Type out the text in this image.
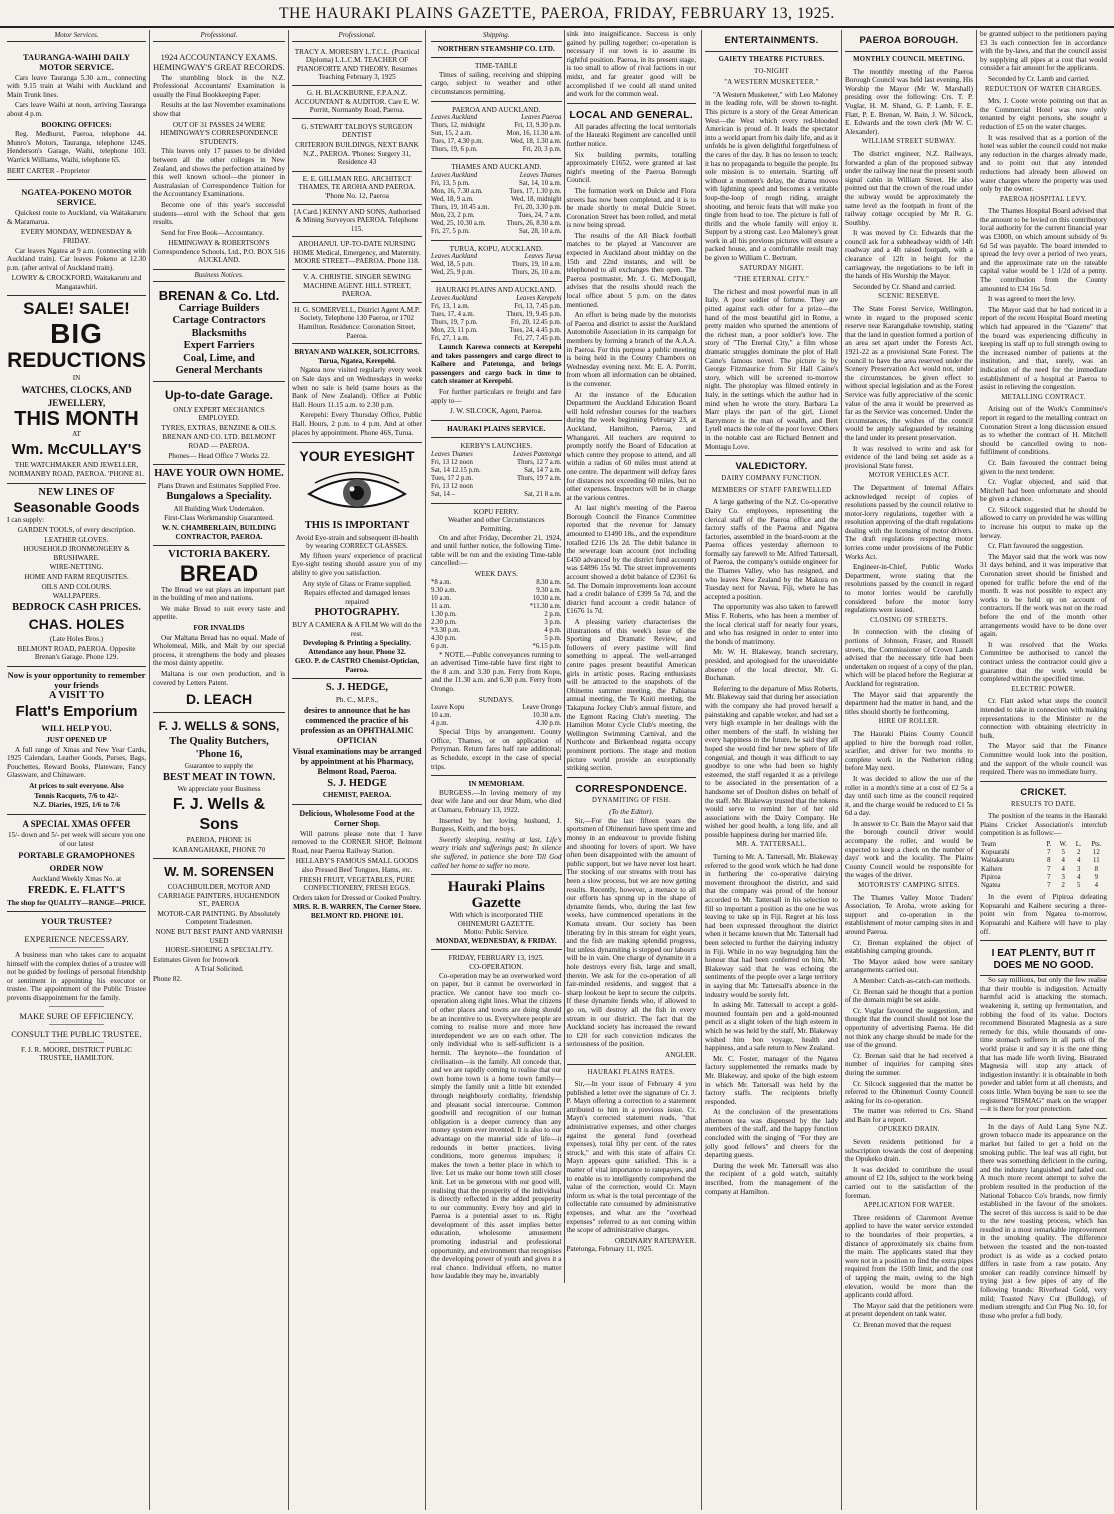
THE HAURAKI PLAINS GAZETTE, PAEROA, FRIDAY, FEBRUARY 13, 1925.
Motor Services.
TAURANGA-WAIHI DAILY MOTOR SERVICE.

Cars leave Tauranga 5.30 a.m., connecting with 9.15 train at Waihi with Auckland and Main Trunk lines.

Cars leave Waihi at noon, arriving Tauranga about 4 p.m.

BOOKING OFFICES:

Reg. Medhurst, Paeroa, telephone 44. Munro's Motors, Tauranga, telephone 124S. Henderson's Garage, Waihi, telephone 103. Warrick Williams, Waihi, telephone 65.

BERT CARTER - Proprietor
NGATEA-POKENO MOTOR SERVICE.

Quickest route to Auckland, via Waitakaruru & Maramarua.

EVERY MONDAY, WEDNESDAY & FRIDAY.

Car leaves Ngatea at 9 a.m. (connecting with Auckland train). Car leaves Pokeno at 12.30 p.m. (after arrival of Auckland train).

LOWRY & CROCKFORD, Waitakaruru and Mangatawhiri.
SALE! SALE!
BIG
REDUCTIONS
IN
WATCHES, CLOCKS, AND JEWELLERY,
THIS MONTH
AT
Wm. McCULLAY'S
THE WATCHMAKER AND JEWELLER,
NORMANBY ROAD, PAEROA. 'PHONE 81.
NEW LINES OF
Seasonable Goods
I can supply:
GARDEN TOOLS, of every description.
LEATHER GLOVES.
HOUSEHOLD IRONMONGERY & BRUSHWARE.
WIRE-NETTING.
HOME AND FARM REQUISITES.
OILS AND COLOURS.
WALLPAPERS.
BEDROCK CASH PRICES.
CHAS. HOLES
(Late Holes Bros.)
BELMONT ROAD, PAEROA. Opposite Brenan's Garage. Phone 129.
Now is your opportunity to remember your friends
A VISIT TO
Flatt's Emporium
WILL HELP YOU.
JUST OPENED UP

A full range of Xmas and New Year Cards, 1925 Calendars, Leather Goods, Purses, Bags, Pouchettes, Reward Books, Plateware, Fancy Glassware, and Chinaware.

At prices to suit everyone. Also
Tennis Racquets, 7/6 to 42/-
N.Z. Diaries, 1925, 1/6 to 7/6
A SPECIAL XMAS OFFER
15/- down and 5/- per week will secure you one of our latest
PORTABLE GRAMOPHONES
ORDER NOW
Auckland Weekly Xmas No. at
FREDK. E. FLATT'S
The shop for QUALITY—RANGE—PRICE.
YOUR TRUSTEE?
EXPERIENCE NECESSARY.

A business man who takes care to acquaint himself with the complex duties of a trustee will not be guided by feelings of personal friendship or sentiment in appointing his executor or trustee. The appointment of the Public Trustee prevents disappointment for the family.

MAKE SURE OF EFFICIENCY.
CONSULT THE PUBLIC TRUSTEE.
F. J. R. MOORE, DISTRICT PUBLIC TRUSTEE, HAMILTON.
Professional.
1924 ACCOUNTANCY EXAMS. HEMINGWAY'S GREAT RECORDS.

The stumbling block in the N.Z. Professional Accountants' Examination is usually the Final Bookkeeping Paper.

Results at the last November examinations show that

OUT OF 31 PASSES 24 WERE HEMINGWAY'S CORRESPONDENCE STUDENTS.

This leaves only 17 passes to be divided between all the other colleges in New Zealand, and shows the perfection attained by this well known school—the pioneer in Australasian of Correspondence Tuition for the Accountancy Examinations.

Become one of this year's successful students—enrol with the School that gets results.

Send for Free Book—Accountancy.

HEMINGWAY & ROBERTSON'S Correspondence Schools, Ltd., P.O. BOX 516 AUCKLAND.
Business Notices.
BRENAN & Co. Ltd.
Carriage Builders
Cartage Contractors
Blacksmiths
Expert Farriers
Coal, Lime, and
General Merchants
Up-to-date Garage.
ONLY EXPERT MECHANICS EMPLOYED.
TYRES, EXTRAS, BENZINE & OILS.
BRENAN AND CO. LTD. BELMONT ROAD — PAEROA.
Phones— Head Office 7 Works 22.
HAVE YOUR OWN HOME.
Plans Drawn and Estimates Supplied Free.
Bungalows a Speciality.
All Building Work Undertaken.
First-Class Workmanship Guaranteed.
W. N. CHAMBERLAIN, BUILDING CONTRACTOR, PAEROA.
VICTORIA BAKERY.
BREAD

The Bread we eat plays an important part in the building of men and nations.

We make Bread to suit every taste and appetite.

FOR INVALIDS

Our Maltana Bread has no equal. Made of Wholemeal, Milk, and Malt by our special process, it strengthens the body and pleases the most dainty appetite.

Maltana is our own production, and is covered by Letters Patent.

D. LEACH
F. J. WELLS & SONS,
The Quality Butchers,
'Phone 16,
Guarantee to supply the
BEST MEAT IN TOWN.
We appreciate your Business
F. J. Wells & Sons
PAEROA, PHONE 16
KARANGAHAKE, PHONE 70
W. M. SORENSEN
COACHBUILDER, MOTOR AND CARRIAGE PAINTERS, HUGHENDON ST., PAEROA
MOTOR-CAR PAINTING. By Absolutely Competent Tradesmen.
NONE BUT BEST PAINT AND VARNISH USED
HORSE-SHOEING A SPECIALITY.
Estimates Given for Ironwork
A Trial Solicited.
Phone 82.
Professional.
TRACY A. MORESBY L.T.C.L. (Practical Diploma) L.L.C.M. TEACHER OF PIANOFORTE AND THEORY. Resumes Teaching February 3, 1925
G. H. BLACKBURNE, F.P.A.N.Z. ACCOUNTANT & AUDITOR. Care E. W. Porritt, Normanby Road, Paeroa.
G. STEWART TALBOYS SURGEON DENTIST
CRITERION BUILDINGS, NEXT BANK N.Z., PAEROA. 'Phones: Surgery 31, Residence 43
E. E. GILLMAN REG. ARCHITECT THAMES, TE AROHA AND PAEROA. 'Phone No. 12, Paeroa
[A Card.] KENNY AND SONS, Authorised & Mining Surveyors PAEROA. Telephone 115.
AROHANUI. UP-TO-DATE NURSING HOME Medical, Emergency, and Maternity. MOORE STREET—PAEROA. Phone 118.
V. A. CHRISTIE. SINGER SEWING MACHINE AGENT. HILL STREET, PAEROA.
H. G. SOMERVELL, District Agent A.M.P. Society, Telephone 130 Paeroa, or 1702 Hamilton. Residence: Coronation Street, Paeroa.
BRYAN AND WALKER, SOLICITORS. Turua, Ngatea, Kerepehi.

Ngatea now visited regularly every week on Sale days and on Wednesdays in weeks when no sale is held (same hours as the Bank of New Zealand). Office at Public Hall. Hours 11.15 a.m. to 2.30 p.m.

Kerepehi: Every Thursday Office, Public Hall. Hours, 2 p.m. to 4 p.m. And at other places by appointment. Phone 46S, Turua.

YOUR EYESIGHT
THIS IS IMPORTANT
Avoid Eye-strain and subsequent ill-health by wearing CORRECT GLASSES.

My fifteen years' experience of practical Eye-sight testing should assure you of my ability to give you satisfaction.

Any style of Glass or Frame supplied.
Repairs effected and damaged lenses repaired
PHOTOGRAPHY.
BUY A CAMERA & A FILM We will do the rest.
Developing & Printing a Speciality. Attendance any hour. Phone 32.
GEO. P. de CASTRO Chemist-Optician, Paeroa.
S. J. HEDGE,
Ph. C., M.P.S.,
desires to announce that he has commenced the practice of his profession as an OPHTHALMIC OPTICIAN
Visual examinations may be arranged by appointment at his Pharmacy, Belmont Road, Paeroa.
S. J. HEDGE
CHEMIST, PAEROA.
Delicious, Wholesome Food at the Corner Shop.

Will patrons please note that I have removed to the CORNER SHOP, Belmont Road, near Paeroa Railway Station.

HELLABY'S FAMOUS SMALL GOODS also Pressed Beef Tongues, Hams, etc.
FRESH FRUIT, VEGETABLES, PURE CONFECTIONERY, FRESH EGGS.
Orders taken for Dressed or Cooked Poultry.
MRS. R. B. WARREN, The Corner Store. BELMONT RD. PHONE 101.
Shipping.
NORTHERN STEAMSHIP CO. LTD.
TIME-TABLE

Times of sailing, receiving and shipping cargo, subject to weather and other circumstances permitting.

PAEROA AND AUCKLAND.
Leaves Auckland	Leaves Paeroa
Thurs, 12, midnight	Fri, 13, 9.30 p.m.
Sun, 15, 2 a.m.	Mon, 16, 11.30 a.m.
Tues, 17, 4.30 p.m.	Wed, 18, 1.30 a.m.
Thurs, 19, 6 p.m.	Fri, 20, 3 p.m.
THAMES AND AUCKLAND.
Leaves Auckland	Leaves Thames
Fri, 13, 5 p.m.	Sat, 14, 10 a.m.
Mon, 16, 7.30 a.m.	Tues, 17, 1.30 p.m.
Wed, 18, 9 a.m.	Wed, 18, midnight
Thurs, 19, 10.45 a.m.	Fri, 20, 3.30 p.m.
Mon, 23, 2 p.m.	Tues, 24, 7 a.m.
Wed, 25, 10.30 a.m.	Thurs, 26, 8.30 a.m.
Fri, 27, 5 p.m.	Sat, 28, 10 a.m.
TURUA, KOPU, AUCKLAND.
Leaves Auckland	Leaves Turua
Wed, 18, 5 p.m.	Thurs, 19, 10 a.m.
Wed, 25, 9 p.m.	Thurs, 26, 10 a.m.
HAURAKI PLAINS AND AUCKLAND.
Leaves Auckland	Leaves Kerepehi
Fri, 13, 1 a.m.	Fri, 13, 7.45 p.m.
Tues, 17, 4 a.m.	Thurs, 19, 9.45 p.m.
Thurs, 19, 7 p.m.	Fri, 20, 12.45 p.m.
Mon, 23, 11 p.m.	Tues, 24, 4.45 p.m.
Fri, 27, 1 a.m.	Fri, 27, 7.45 p.m.

Launch Karewa connects at Kerepehi and takes passengers and cargo direct to Kaihere and Patetonga, and brings passengers and cargo back in time to catch steamer at Kerepehi.

For further particulars re freight and fare apply to—

J. W. SILCOCK, Agent, Paeroa.
HAURAKI PLAINS SERVICE.
KERBY'S LAUNCHES.
Leaves Thames	Leaves Patetonga
Fri, 13 12 noon	Thurs, 12 7 a.m.
Sat, 14 12.15 p.m.	Sat, 14 7 a.m.
Tues, 17 2 p.m.	Thurs, 19 7 a.m.
Fri, 13 12 noon	
Sat, 14 –	Sat, 21 8 a.m.
KOPU FERRY.
Weather and other Circumstances Permitting.

On and after Friday, December 21, 1924, and until further notice, the following Time-table will be run and the existing Time-table cancelled:—

WEEK DAYS.
*8 a.m.	8.30 a.m.
9.30 a.m.	9.30 a.m.
10 a.m.	10.30 a.m.
11 a.m.	*11.30 a.m.
1.30 p.m.	2 p.m.
2.30 p.m.	3 p.m.
*3.30 p.m.	4 p.m.
4.30 p.m.	5 p.m.
6 p.m.	*6.15 p.m.

* NOTE.—Public conveyances running to an advertised Time-table have first right to the 8 a.m. and 3.30 p.m. Ferry from Kopu, and the 11.30 a.m. and 6.30 p.m. Ferry from Orongo.

SUNDAYS.
Leave Kopu	Leave Orongo
10 a.m.	10.30 a.m.
4 p.m.	4.30 p.m.

Special Trips by arrangement. County Office, Thames, or on application of Perryman. Return fares half rate additional; as Schedule, except in the case of special trips.

IN MEMORIAM.

BURGESS.—In loving memory of my dear wife Jane and our dear Mum, who died at Oamaru, February 13, 1922.

Inserted by her loving husband, J. Burgess, Keith, and the boys.

Sweetly sleeping, resting at last, Life's weary trials and sufferings past; In silence she suffered, in patience she bore Till God called her home to suffer no more.

Hauraki Plains Gazette
With which is incorporated THE OHINEMURI GAZETTE.
Motto: Public Service.
MONDAY, WEDNESDAY, & FRIDAY.
FRIDAY, FEBRUARY 13, 1925.
CO-OPERATION.

Co-operation may be an overworked word on paper, but it cannot be overworked in practice. We cannot have too much co-operation along right lines. What the citizens of other places and towns are doing should be an incentive to us. Everywhere people are coming to realise more and more how interdependent we are on each other. The only individual who is self-sufficient is a hermit. The keynote—the foundation of civilisation—is the family. All concede that, and we are rapidly coming to realise that our own home town is a home town family—simply the family unit a little bit extended through neighbourly cordiality, friendship and pleasant social intercourse. Common goodwill and recognition of our human obligation is a deeper currency than any money system ever invented. It is also to our advantage on the material side of life—it redounds in better practices, living conditions, more generous impulses; it makes the town a better place in which to live. Let us make our home town still closer knit. Let us be generous with our good will, realising that the prosperity of the individual is directly reflected in the added prosperity to our community. Every boy and girl in Paeroa is a potential asset to us. Right development of this asset implies better education, wholesome amusement promoting industrial and professional opportunity, and environment that recognises the developing power of youth and gives it a real chance. Individual efforts, no matter how laudable they may be, invariably

sink into insignificance. Success is only gained by pulling together; co-operation is necessary if our town is to assume its rightful position. Paeroa, in its present stage, is too small to allow of rival factions in our midst, and far greater good will be accomplished if we could all stand united and work for the common weal.

LOCAL AND GENERAL.

All parades affecting the local territorials of the Hauraki Regiment are cancelled until further notice.

Six building permits, totalling approximately £1652, were granted at last night's meeting of the Paeroa Borough Council.

The formation work on Dulcie and Flora streets has now been completed, and it is to be made shortly to metal Dulcie Street. Coronation Street has been rolled, and metal is now being spread.

The results of the All Black football matches to be played at Vancouver are expected in Auckland about midday on the 15th and 22nd instants, and will be telephoned to all exchanges then open. The Paeroa postmaster, Mr. J. G. McDougall, advises that the results should reach the local office about 5 p.m. on the dates mentioned.

An effort is being made by the motorists of Paeroa and district to assist the Auckland Automobile Association in its campaign for members by forming a branch of the A.A.A. in Paeroa. For this purpose a public meeting is being held in the County Chambers on Wednesday evening next. Mr. E. A. Porritt, from whom all information can be obtained, is the convener.

At the instance of the Education Department the Auckland Education Board will hold refresher courses for the teachers during the week beginning February 23, at Auckland, Hamilton, Paeroa, and Whangarei. All teachers are required to promptly notify the Board of Education at which centre they propose to attend, and all within a radius of 60 miles must attend at one centre. The department will defray fares for distances not exceeding 60 miles, but no other expenses. Inspectors will be in charge at the various centres.

At last night's meeting of the Paeroa Borough Council the Finance Committee reported that the revenue for January amounted to £1490 18s., and the expenditure totalled £216 13s 2d. The debit balance in the sewerage loan account (not including £450 advanced by the district fund account) was £4896 15s 9d. The street improvements account showed a debit balance of £2361 6s 5d. The Domain improvements loan account had a credit balance of £399 5s 7d, and the district fund account a credit balance of £1676 1s 7d.

A pleasing variety characterises the illustrations of this week's issue of the Sporting and Dramatic Review, and followers of every pastime will find something to appeal. The well-arranged centre pages present beautiful American girls in artistic poses. Racing enthusiasts will be attracted to the snapshots of the Ohinemu summer meeting, the Pahiatua annual meeting, the Te Kuiti meeting, the Takapuna Jockey Club's annual fixture, and the Egmont Racing Club's meeting. The Hamilton Motor Cycle Club's meeting, the Wellington Swimming Carnival, and the Northcote and Birkenhead regatta occupy prominent portions. The stage and motion picture world provide an exceptionally striking section.

CORRESPONDENCE.
DYNAMITING OF FISH.
(To the Editor).

Sir,—For the last fifteen years the sportsmen of Ohinemuri have spent time and money in an endeavour to provide fishing and shooting for lovers of sport. We have often been disappointed with the amount of public support, but we have never lost heart. The stocking of our streams with trout has been a slow process, but we are now getting results. Recently, however, a menace to all our efforts has sprung up in the shape of dynamite fiends, who, during the last few weeks, have commenced operations in the Komata stream. Our society has been liberating fry in this stream for eight years, and the fish are making splendid progress, but unless dynamiting is stopped our labours will be in vain. One charge of dynamite in a hole destroys every fish, large and small, therein. We ask for the co-operation of all fair-minded residents, and suggest that a sharp lookout be kept to secure the culprits. If these dynamite fiends who, if allowed to go on, will destroy all the fish in every stream in our district. The fact that the Auckland society has increased the reward to £20 for each conviction indicates the seriousness of the position.

ANGLER.
HAURAKI PLAINS RATES.

Sir,—In your issue of February 4 you published a letter over the signature of Cr. J. P. Mayn offering a correction to a statement attributed to him in a previous issue. Cr. Mayn's corrected statement reads, "that administrative expenses, and other charges against the general fund (overhead expenses), total fifty per cent. of the rates struck," and with this state of affairs Cr. Mayn appears quite satisfied. This is a matter of vital importance to ratepayers, and to enable us to intelligently comprehend the value of the correction, would Cr. Mayn inform us what is the total percentage of the collectable rate consumed by administrative expenses, and what are the "overhead expenses" referred to as not coming within the scope of administrative charges.

ORDINARY RATEPAYER.
Patetonga, February 11, 1925.
ENTERTAINMENTS.
GAIETY THEATRE PICTURES.
TO-NIGHT
"A WESTERN MUSKETEER."

"A Western Musketeer," with Leo Maloney in the leading role, will be shown to-night. This picture is a story of the Great American West—the West which every red-blooded American is proud of. It leads the spectator into a world apart from his daily life, and as it unfolds he is given delightful forgetfulness of the cares of the day. It has no lesson to teach; it has no propaganda to beguile the people. Its sole mission is to entertain. Starting off without a moment's delay, the drama moves with lightning speed and becomes a veritable loop-the-loop of rough riding, straight shooting, and heroic feats that will make you tingle from head to toe. The picture is full of thrills and the whole family will enjoy it. Support by a strong cast. Leo Maloney's great work in all his previous pictures will ensure a packed house, and a comfortable result may be given to William C. Bertram.

SATURDAY NIGHT.
"THE ETERNAL CITY."

The richest and most powerful man in all Italy. A poor soldier of fortune. They are pitted against each other for a prize—the hand of the most beautiful girl in Rome, a pretty maiden who spurned the attentions of the richest man, a poor soldier's love. The story of "The Eternal City," a film whose dramatic struggles dominate the plot of Hall Caine's famous novel. The picture is by George Fitzmaurice from Sir Hall Caine's story, which will be screened to-morrow night. The photoplay was filmed entirely in Italy, in the settings which the author had in mind when he wrote the story. Barbara La Marr plays the part of the girl, Lionel Barrymore is the man of wealth, and Bert Lytell enacts the role of the poor lover. Others in the notable cast are Richard Bennett and Montagu Love.

VALEDICTORY.
DAIRY COMPANY FUNCTION.
MEMBERS OF STAFF FAREWELLED

A large gathering of the N.Z. Co-operative Dairy Co. employees, representing the clerical staff of the Paeroa office and the factory staffs of the Paeroa and Ngatea factories, assembled in the board-room at the Paeroa offices yesterday afternoon to formally say farewell to Mr. Alfred Tattersall, of Paeroa, the company's outside engineer for the Thames Valley, who has resigned, and who leaves New Zealand by the Makura on Tuesday next for Navua, Fiji, where he has accepted a position.

The opportunity was also taken to farewell Miss F. Roberts, who has been a member of the local clerical staff for nearly four years, and who has resigned in order to enter into the bonds of matrimony.

Mr. W. H. Blakeway, branch secretary, presided, and apologised for the unavoidable absence of the local director, Mr. G. Buchanan.

Referring to the departure of Miss Roberts, Mr. Blakeway said that during her association with the company she had proved herself a painstaking and capable worker, and had set a very high example in her dealings with the other members of the staff. In wishing her every happiness in the future, he said they all hoped she would find her new sphere of life congenial, and though it was difficult to say goodbye to one who had been so highly esteemed, the staff regarded it as a privilege to be associated in the presentation of a handsome set of Doulton dishes on behalf of the staff. Mr. Blakeway trusted that the tokens would serve to remind her of her old associations with the Dairy Company. He wished her good health, a long life, and all possible happiness during her married life.

MR. A. TATTERSALL.

Turning to Mr. A. Tattersall, Mr. Blakeway referred to the good work which he had done in furthering the co-operative dairying movement throughout the district, and said that the company was proud of the honour accorded to Mr. Tattersall in his selection to fill so important a position as the one he was leaving to take up in Fiji. Regret at his loss had been expressed throughout the district when it became known that Mr. Tattersall had been selected to further the dairying industry in Fiji. While in no way begrudging him the honour that had been conferred on him, Mr. Blakeway said that he was echoing the sentiments of the people over a large territory in saying that Mr. Tattersall's absence in the industry would be sorely felt.

In asking Mr. Tattersall to accept a gold-mounted fountain pen and a gold-mounted pencil as a slight token of the high esteem in which he was held by the staff, Mr. Blakeway wished him bon voyage, health and happiness, and a safe return to New Zealand.

Mr. C. Foster, manager of the Ngatea factory supplemented the remarks made by Mr. Blakeway, and spoke of the high esteem in which Mr. Tattersall was held by the factory staffs. The recipients briefly responded.

At the conclusion of the presentations afternoon tea was dispensed by the lady members of the staff, and the happy function concluded with the singing of "For they are jolly good fellows" and cheers for the departing guests.

During the week Mr. Tattersall was also the recipient of a gold watch, suitably inscribed, from the management of the company at Hamilton.

PAEROA BOROUGH.
MONTHLY COUNCIL MEETING.

The monthly meeting of the Paeroa Borough Council was held last evening, His Worship the Mayor (Mr W. Marshall) presiding over the following: Crs. T. P. Vuglar, H. M. Shand, G. P. Lamb, F. E. Flatt, P. E. Brenan, W. Bain, J. W. Silcock, E. Edwards and the town clerk (Mr W. C. Alexander).

WILLIAM STREET SUBWAY.

The district engineer, N.Z. Railways, forwarded a plan of the proposed subway under the railway line near the present south signal cabin in William Street. He also pointed out that the crown of the road under the subway would be approximately the same level as the footpath in front of the railway cottage occupied by Mr R. G. Southby.

It was moved by Cr. Edwards that the council ask for a subheadway width of 14ft roadway and a 4ft raised footpath, with a clearance of 12ft in height for the carriageway, the negotiations to be left in the hands of His Worship the Mayor.

Seconded by Cr. Shand and carried.

SCENIC RESERVE.

The State Forest Service, Wellington, wrote in regard to the proposed scenic reserve near Karangahake township, stating that the land in question formed a portion of an area set apart under the Forests Act, 1921-22 as a provisional State Forest. The council to have the area reserved under the Scenery Preservation Act would not, under the circumstances, be given effect to without special legislation and as the Forest Service was fully appreciative of the scenic value of the area it would be preserved as far as the Service was concerned. Under the circumstances, the wishes of the council would be amply safeguarded by retaining the land under its present preservation.

It was resolved to write and ask for evidence of the land being set aside as a provisional State forest.

MOTOR VEHICLES ACT.

The Department of Internal Affairs acknowledged receipt of copies of resolutions passed by the council relative to motor-lorry regulations, together with a resolution approving of the draft regulations dealing with the licensing of motor drivers. The draft regulations respecting motor lorries come under provisions of the Public Works Act.

Engineer-in-Chief, Public Works Department, wrote stating that the resolutions passed by the council in regard to motor lorries would be carefully considered before the motor lorry regulations were issued.

CLOSING OF STREETS.

In connection with the closing of portions of Johnson, Fraser, and Russell streets, the Commissioner of Crown Lands advised that the necessary title had been undertaken on request of a copy of the plan, which will be placed before the Registrar at Auckland for registration.

The Mayor said that apparently the department had the matter in hand, and the titles should shortly be forthcoming.

HIRE OF ROLLER.

The Hauraki Plains County Council applied to hire the borough road roller, scarifier, and driver for two months to complete work in the Netherton riding before May next.

It was decided to allow the use of the roller in a month's time at a cost of £2 5s a day until such time as the council required it, and the charge would be reduced to £1 5s 6d a day.

In answer to Cr. Bain the Mayor said that the borough council driver would accompany the roller, and would be expected to keep a check on the number of days' work and the locality. The Plains County Council would be responsible for the wages of the driver.

MOTORISTS' CAMPING SITES.

The Thames Valley Motor Traders' Association, Te Aroha, wrote asking for support and co-operation in the establishment of motor camping sites in and around Paeroa.

Cr. Brenan explained the object of establishing camping grounds.

The Mayor asked how were sanitary arrangements carried out.

A Member: Catch-as-catch-can methods.

Cr. Brenan said he thought that a portion of the domain might be set aside.

Cr. Vuglar favoured the suggestion, and thought that the council should not lose the opportunity of advertising Paeroa. He did not think any charge should be made for the use of the ground.

Cr. Brenan said that he had received a number of inquiries for camping sites during the summer.

Cr. Silcock suggested that the matter be referred to the Ohinemuri County Council asking for its co-operation.

The matter was referred to Crs. Shand and Bain for a report.

OPUKEKO DRAIN.

Seven residents petitioned for a subscription towards the cost of deepening the Opukeko drain.

It was decided to contribute the usual amount of £2 10s, subject to the work being carried out to the satisfaction of the foreman.

APPLICATION FOR WATER.

Three residents of Claremont Avenue applied to have the water service extended to the boundaries of their properties, a distance of approximately six chains from the main. The applicants stated that they were not in a position to find the extra pipes required from the 150ft limit, and the cost of tapping the main, owing to the high elevation, would be more than the applicants could afford.

The Mayor said that the petitioners were at present dependent on tank water.

Cr. Brenan moved that the request

be granted subject to the petitioners paying £3 3s each connection fee in accordance with the by-laws, and that the council assist by supplying all pipes at a cost that would consider a fair amount for the applicants.

Seconded by Cr. Lamb and carried.

REDUCTION OF WATER CHARGES.

Mrs. J. Coote wrote pointing out that as the Commercial Hotel was now only tenanted by eight persons, she sought a reduction of £5 on the water charges.

It was resolved that as a portion of the hotel was sublet the council could not make any reduction in the charges already made, and to point out that any intended reductions had already been allowed on water charges where the property was used only by the owner.

PAEROA HOSPITAL LEVY.

The Thames Hospital Board advised that the amount to be levied on this contributory local authority for the current financial year was £3000, on which amount subsidy of 9s 6d 5d was payable. The board intended to spread the levy over a period of two years, and the approximate rate on the rateable capital value would be 1 1/2d of a penny. The contribution from the County amounted to £34 16s 5d.

It was agreed to meet the levy.

The Mayor said that he had noticed in a report of the recent Hospital Board meeting which had appeared in the "Gazette" that the board was experiencing difficulty in keeping its staff up to full strength owing to the increased number of patients at the institution, and that, surely, was an indication of the need for the immediate establishment of a hospital at Paeroa to assist in relieving the congestion.

METALLING CONTRACT.

Arising out of the Work's Committee's report in regard to the metalling contract on Coronation Street a long discussion ensued as to whether the contract of H. Mitchell should be cancelled owing to non-fulfilment of conditions.

Cr. Bain favoured the contract being given to the next tenderer.

Cr. Vuglar objected, and said that Mitchell had been unfortunate and should be given a chance.

Cr. Silcock suggested that he should be allowed to carry on provided he was willing to increase his output to make up the leeway.

Cr. Flatt favoured the suggestion.

The Mayor said that the work was now 31 days behind, and it was imperative that Coronation street should be finished and opened for traffic before the end of the month. It was not possible to expect any works to be held up on account of contractors. If the work was not on the road before the end of the month other arrangements would have to be done over again.

It was resolved that the Works Committee be authorised to cancel the contract unless the contractor could give a guarantee that the work would be completed within the specified time.

ELECTRIC POWER.

Cr. Flatt asked what steps the council intended to take in connection with making representations to the Minister re the connection with obtaining electricity in bulk.

The Mayor said that the Finance Committee would look into the position, and the support of the whole council was required. There was no immediate hurry.

CRICKET.
RESULTS TO DATE.

The position of the teams in the Hauraki Plains Cricket Association's interclub competition is as follows:—

Team	P.	W.	L.	Pts.
Kopuarahi	7	5	2	12
Waitakaruru	8	4	4	11
Kaihere	7	4	3	8
Pipiroa	7	3	4	9
Ngatea	7	2	5	4

In the event of Pipiroa defeating Kopuarahi and Kaihere securing a three-point win from Ngatea to-morrow, Kopuarahi and Kaihere will have to play off.

I EAT PLENTY, BUT IT DOES ME NO GOOD.

So say millions, but only the few realise that their trouble is indigestion. Actually harmful acid is attacking the stomach, weakening it, setting up fermentation, and robbing the food of its value. Doctors recommend Bisurated Magnesia as a sure remedy for this, while thousands of one-time stomach sufferers in all parts of the world praise it and say it is the one thing that has made life worth living. Bisurated Magnesia will stop any attack of indigestion instantly: it is obtainable in both powder and tablet form at all chemists, and costs little. When buying be sure to see the registered "BISMAG" mark on the wrapper—it is there for your protection.

In the days of Auld Lang Syne N.Z. grown tobacco made its appearance on the market but failed to get a hold on the smoking public. The leaf was all right, but there was something deficient in the curing, and the industry languished and faded out. A much more recent attempt to solve the problem resulted in the production of the National Tobacco Co's brands, now firmly established in the favour of the smokers. The secret of this success is said to be due to the new toasting process, which has resulted in a most remarkable improvement in the smoking quality. The difference between the toasted and the non-toasted product is as wide as a cocked potato differs in taste from a raw potato. Any smoker can readily convince himself by trying just a few pipes of any of the following brands: Riverhead Gold, very mild; Toasted Navy Cut (Bulldog), of medium strength; and Cut Plug No. 10, for those who prefer a full body.
